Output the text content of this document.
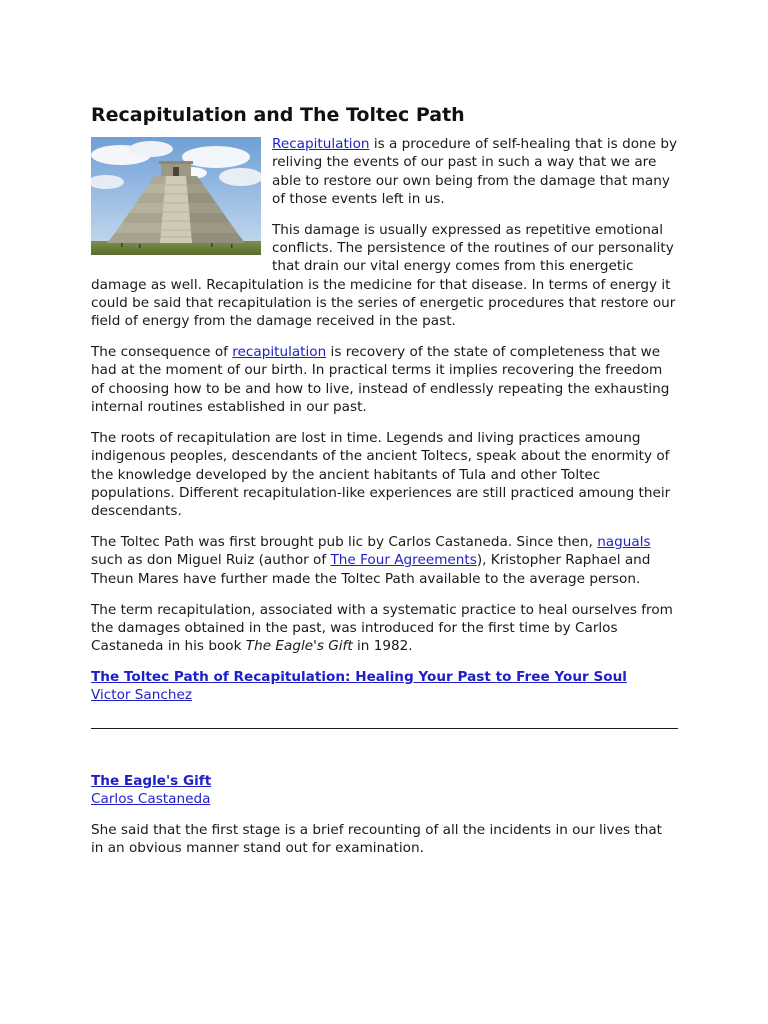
Recapitulation and The Toltec Path

Recapitulation is a procedure of self-healing that is done by reliving the events of our past in such a way that we are able to restore our own being from the damage that many of those events left in us.

This damage is usually expressed as repetitive emotional conflicts. The persistence of the routines of our personality that drain our vital energy comes from this energetic damage as well. Recapitulation is the medicine for that disease. In terms of energy it could be said that recapitulation is the series of energetic procedures that restore our field of energy from the damage received in the past.

The consequence of recapitulation is recovery of the state of completeness that we had at the moment of our birth. In practical terms it implies recovering the freedom of choosing how to be and how to live, instead of endlessly repeating the exhausting internal routines established in our past.

The roots of recapitulation are lost in time. Legends and living practices amoung indigenous peoples, descendants of the ancient Toltecs, speak about the enormity of the knowledge developed by the ancient habitants of Tula and other Toltec populations. Different recapitulation-like experiences are still practiced amoung their descendants.

The Toltec Path was first brought pub lic by Carlos Castaneda. Since then, naguals such as don Miguel Ruiz (author of The Four Agreements), Kristopher Raphael and Theun Mares have further made the Toltec Path available to the average person.

The term recapitulation, associated with a systematic practice to heal ourselves from the damages obtained in the past, was introduced for the first time by Carlos Castaneda in his book The Eagle's Gift in 1982.

The Toltec Path of Recapitulation: Healing Your Past to Free Your Soul
Victor Sanchez

The Eagle's Gift
Carlos Castaneda

She said that the first stage is a brief recounting of all the incidents in our lives that in an obvious manner stand out for examination.
